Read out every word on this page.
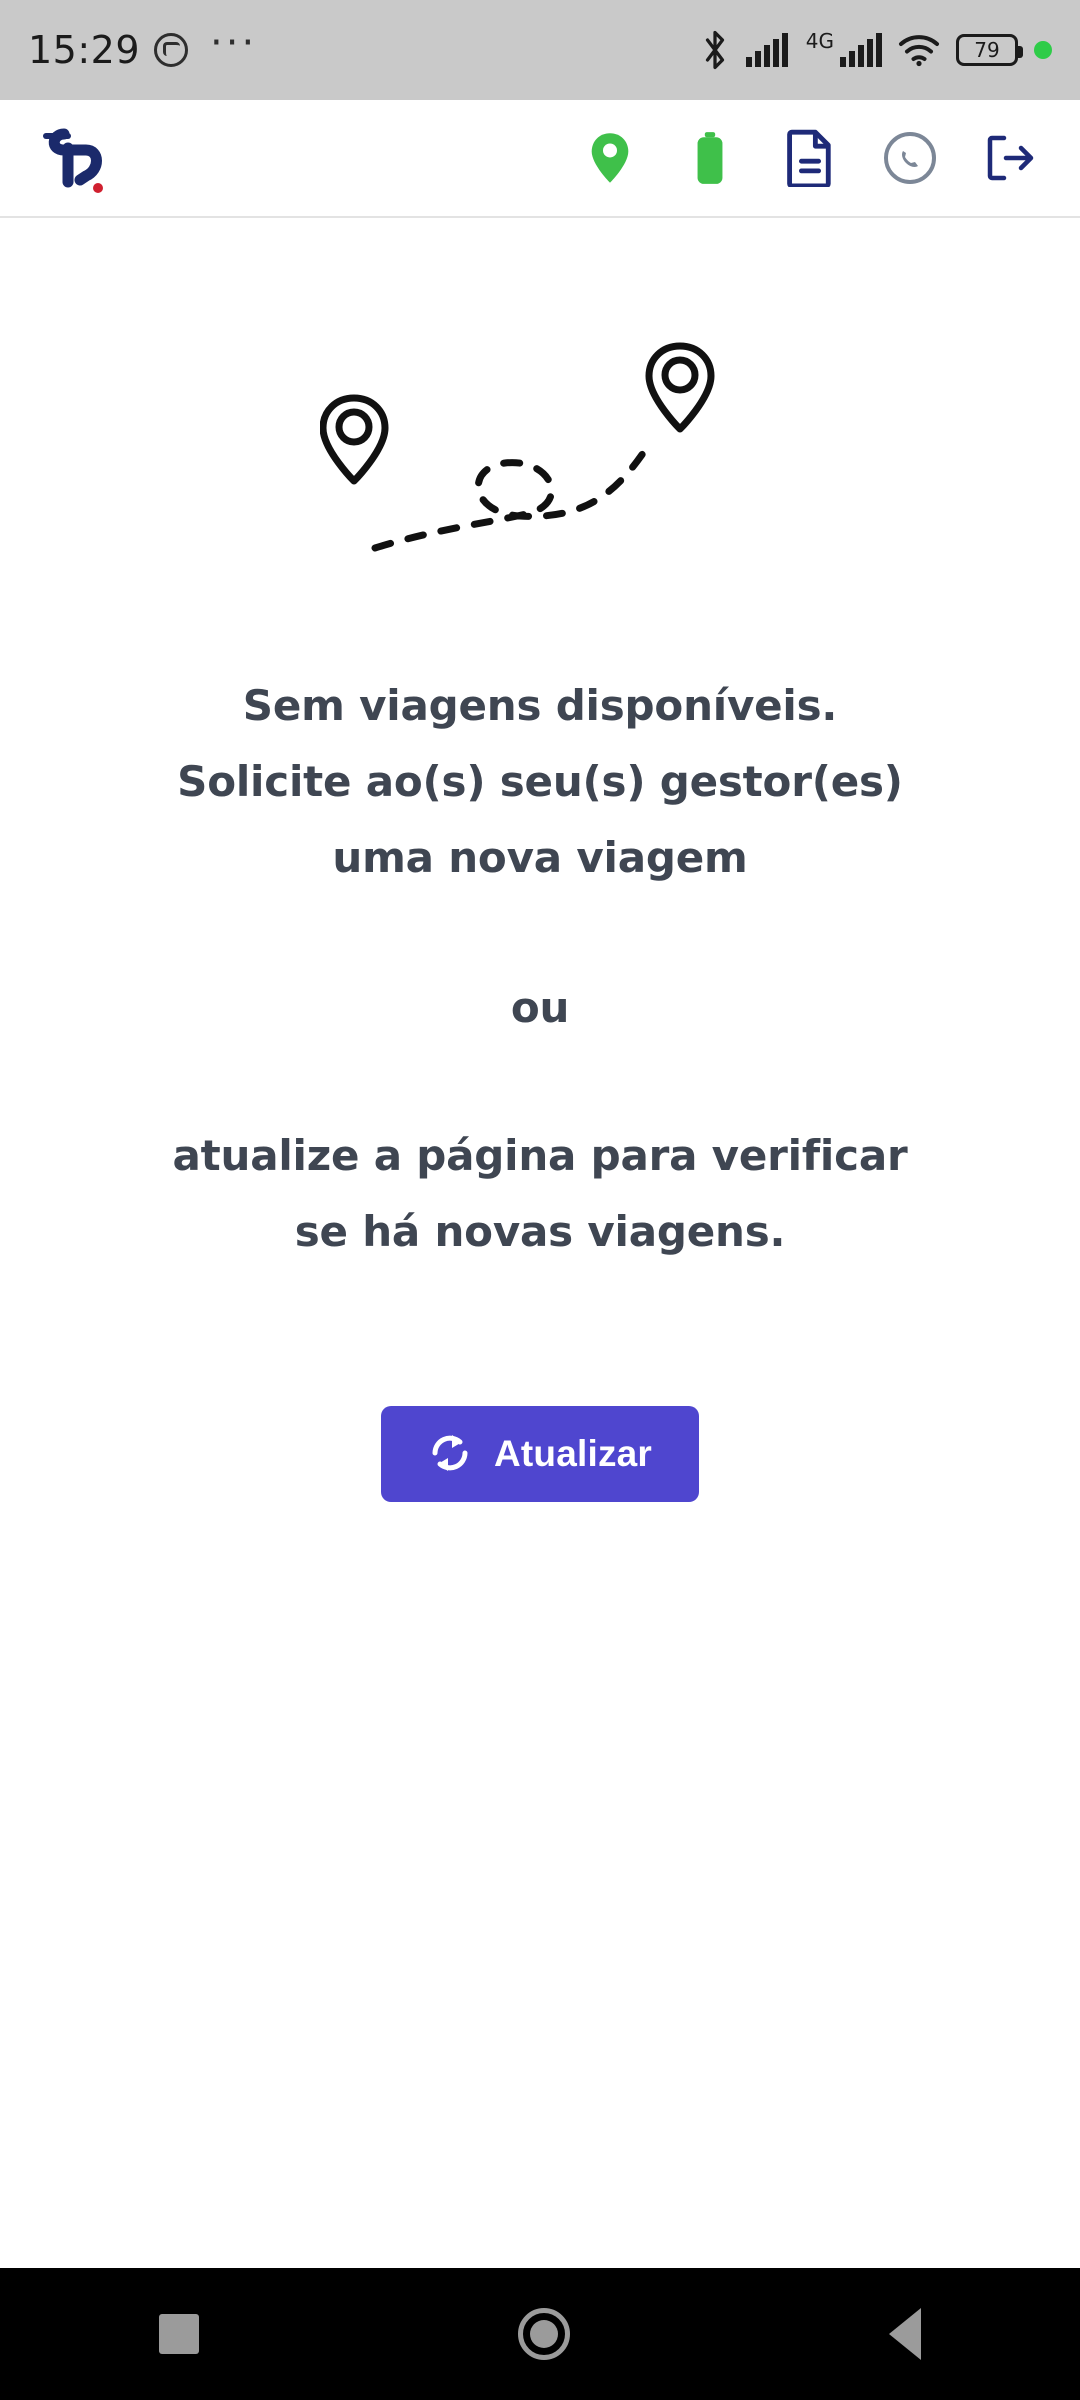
15:29 ···	4G	79
Sem viagens disponíveis.
Solicite ao(s) seu(s) gestor(es)
uma nova viagem
ou
atualize a página para verificar
se há novas viagens.
Atualizar
